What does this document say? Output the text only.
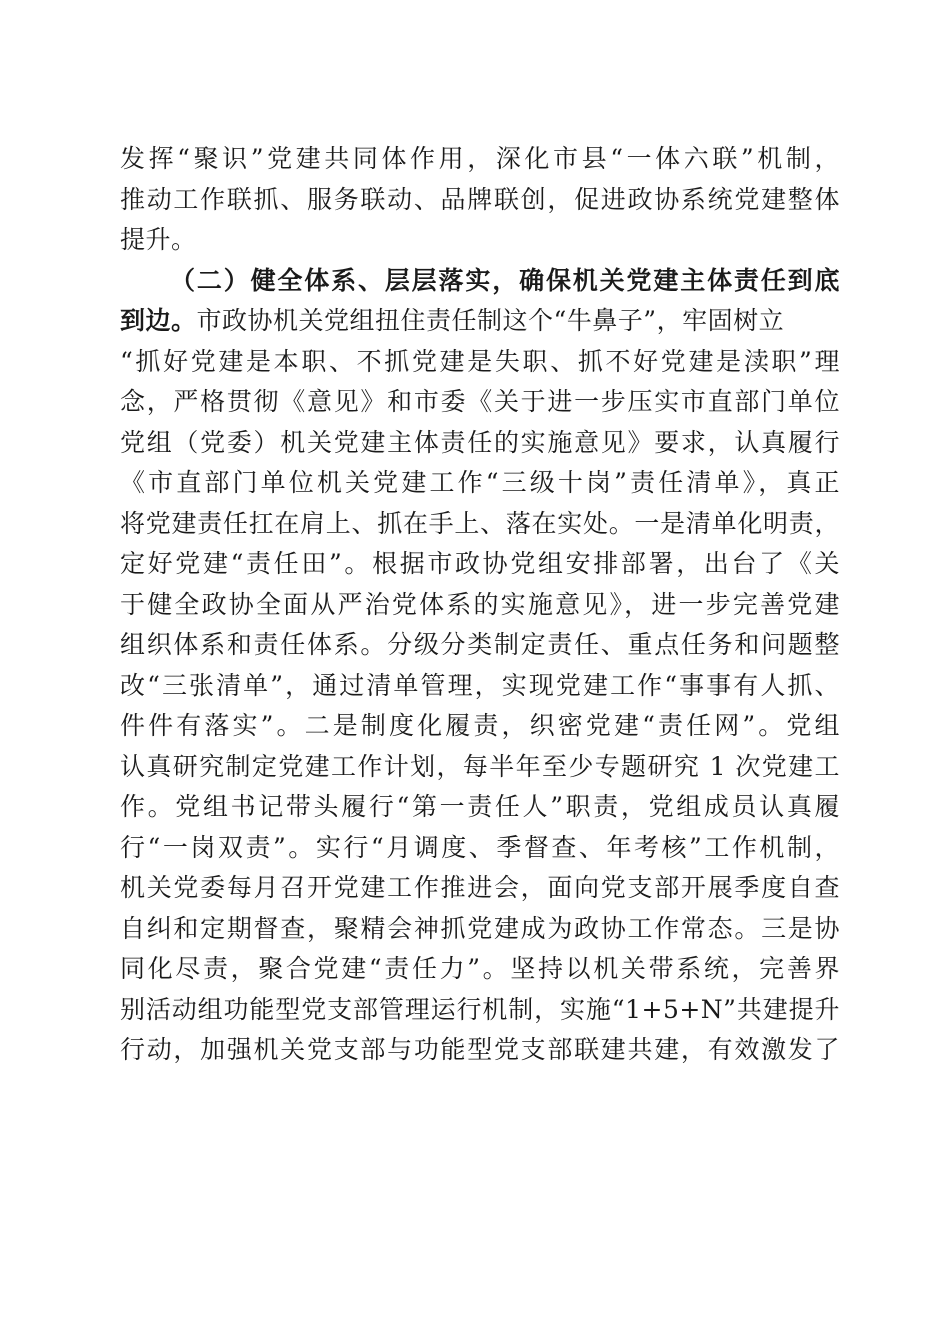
发挥“聚识”党建共同体作用，深化市县“一体六联”机制，
推动工作联抓、服务联动、品牌联创，促进政协系统党建整体
提升。
（二）健全体系、层层落实，确保机关党建主体责任到底
到边。市政协机关党组扭住责任制这个“牛鼻子”，牢固树立
“抓好党建是本职、不抓党建是失职、抓不好党建是渎职”理
念，严格贯彻《意见》和市委《关于进一步压实市直部门单位
党组（党委）机关党建主体责任的实施意见》要求，认真履行
《市直部门单位机关党建工作“三级十岗”责任清单》，真正
将党建责任扛在肩上、抓在手上、落在实处。一是清单化明责，
定好党建“责任田”。根据市政协党组安排部署，出台了《关
于健全政协全面从严治党体系的实施意见》，进一步完善党建
组织体系和责任体系。分级分类制定责任、重点任务和问题整
改“三张清单”，通过清单管理，实现党建工作“事事有人抓、
件件有落实”。二是制度化履责，织密党建“责任网”。党组
认真研究制定党建工作计划，每半年至少专题研究 1 次党建工
作。党组书记带头履行“第一责任人”职责，党组成员认真履
行“一岗双责”。实行“月调度、季督查、年考核”工作机制，
机关党委每月召开党建工作推进会，面向党支部开展季度自查
自纠和定期督查，聚精会神抓党建成为政协工作常态。三是协
同化尽责，聚合党建“责任力”。坚持以机关带系统，完善界
别活动组功能型党支部管理运行机制，实施“1+5+N”共建提升
行动，加强机关党支部与功能型党支部联建共建，有效激发了
